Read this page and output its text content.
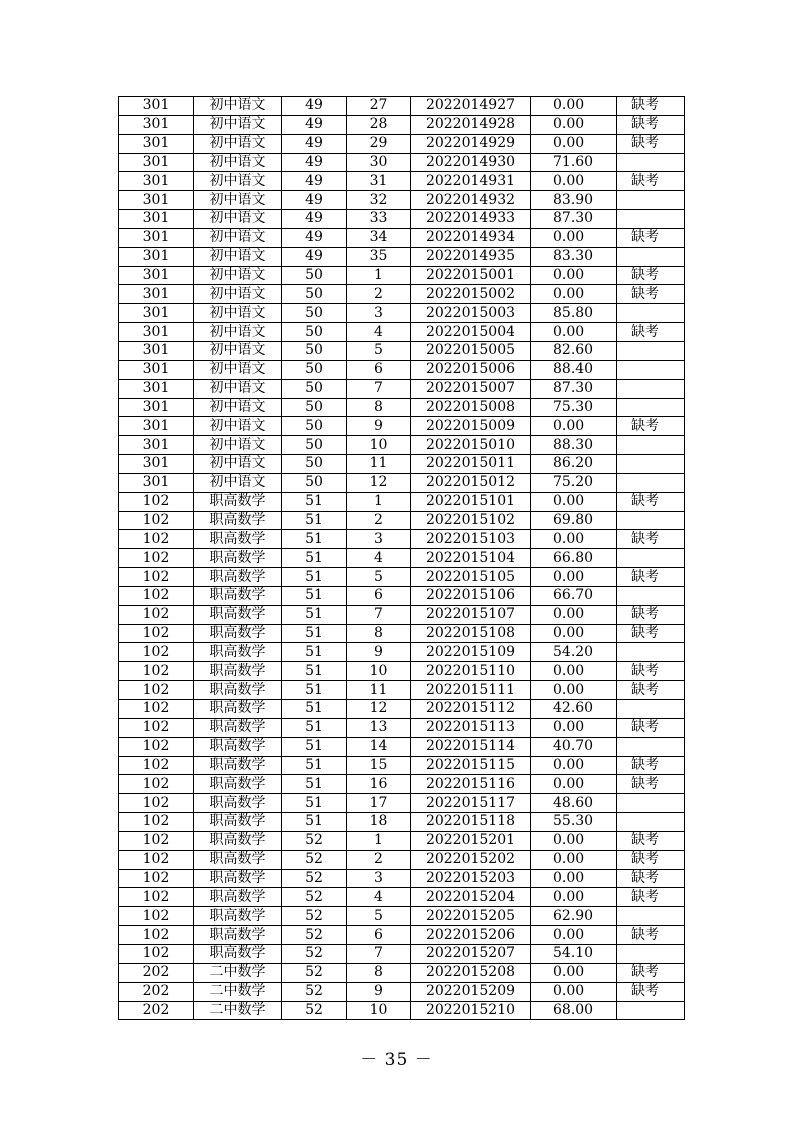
301	初中语文	49	27	2022014927	0.00	缺考
301	初中语文	49	28	2022014928	0.00	缺考
301	初中语文	49	29	2022014929	0.00	缺考
301	初中语文	49	30	2022014930	71.60	
301	初中语文	49	31	2022014931	0.00	缺考
301	初中语文	49	32	2022014932	83.90	
301	初中语文	49	33	2022014933	87.30	
301	初中语文	49	34	2022014934	0.00	缺考
301	初中语文	49	35	2022014935	83.30	
301	初中语文	50	1	2022015001	0.00	缺考
301	初中语文	50	2	2022015002	0.00	缺考
301	初中语文	50	3	2022015003	85.80	
301	初中语文	50	4	2022015004	0.00	缺考
301	初中语文	50	5	2022015005	82.60	
301	初中语文	50	6	2022015006	88.40	
301	初中语文	50	7	2022015007	87.30	
301	初中语文	50	8	2022015008	75.30	
301	初中语文	50	9	2022015009	0.00	缺考
301	初中语文	50	10	2022015010	88.30	
301	初中语文	50	11	2022015011	86.20	
301	初中语文	50	12	2022015012	75.20	
102	职高数学	51	1	2022015101	0.00	缺考
102	职高数学	51	2	2022015102	69.80	
102	职高数学	51	3	2022015103	0.00	缺考
102	职高数学	51	4	2022015104	66.80	
102	职高数学	51	5	2022015105	0.00	缺考
102	职高数学	51	6	2022015106	66.70	
102	职高数学	51	7	2022015107	0.00	缺考
102	职高数学	51	8	2022015108	0.00	缺考
102	职高数学	51	9	2022015109	54.20	
102	职高数学	51	10	2022015110	0.00	缺考
102	职高数学	51	11	2022015111	0.00	缺考
102	职高数学	51	12	2022015112	42.60	
102	职高数学	51	13	2022015113	0.00	缺考
102	职高数学	51	14	2022015114	40.70	
102	职高数学	51	15	2022015115	0.00	缺考
102	职高数学	51	16	2022015116	0.00	缺考
102	职高数学	51	17	2022015117	48.60	
102	职高数学	51	18	2022015118	55.30	
102	职高数学	52	1	2022015201	0.00	缺考
102	职高数学	52	2	2022015202	0.00	缺考
102	职高数学	52	3	2022015203	0.00	缺考
102	职高数学	52	4	2022015204	0.00	缺考
102	职高数学	52	5	2022015205	62.90	
102	职高数学	52	6	2022015206	0.00	缺考
102	职高数学	52	7	2022015207	54.10	
202	二中数学	52	8	2022015208	0.00	缺考
202	二中数学	52	9	2022015209	0.00	缺考
202	二中数学	52	10	2022015210	68.00	
－ 35 －
